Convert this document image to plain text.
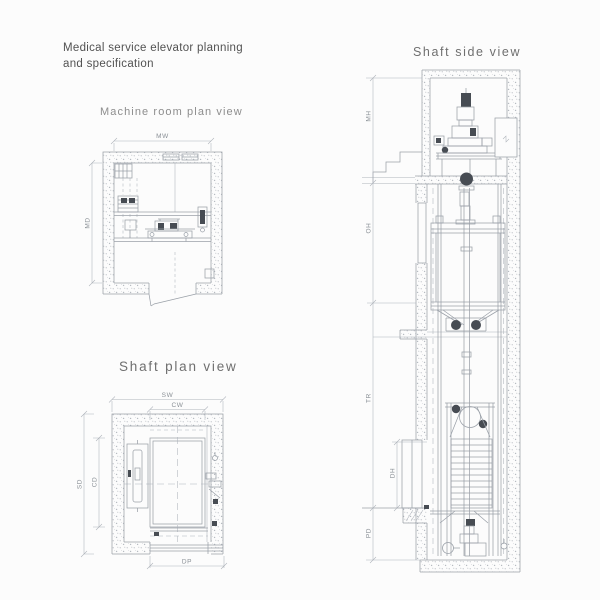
MW
MD
SW
CW
SD CD
DP
MH
OH
TR
DH
PD
Medical service elevator planning
and specification
Machine room plan view
Shaft plan view
Shaft side view
